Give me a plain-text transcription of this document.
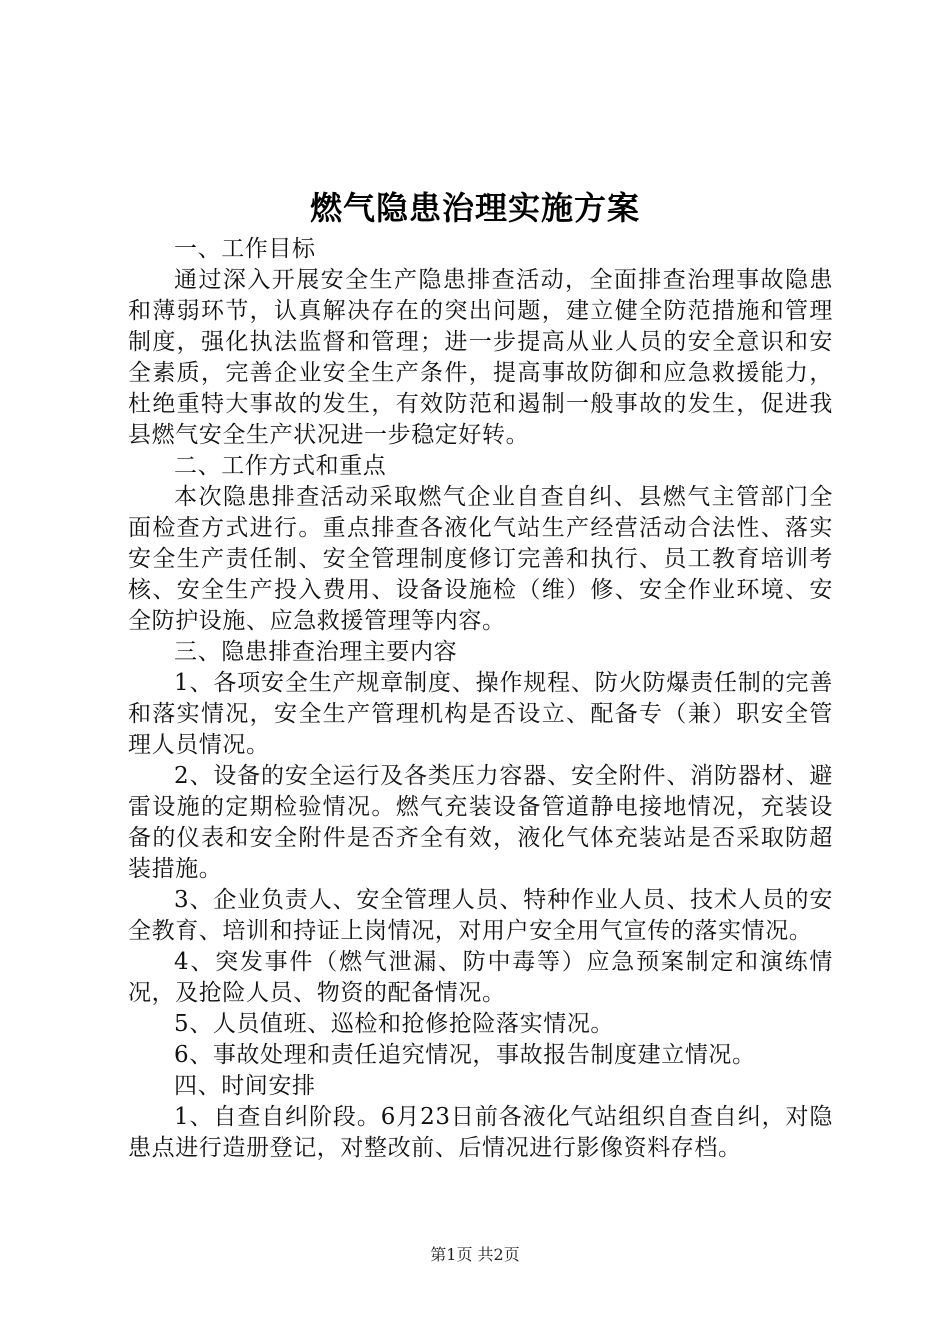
燃气隐患治理实施方案

一、工作目标

通过深入开展安全生产隐患排查活动，全面排查治理事故隐患和薄弱环节，认真解决存在的突出问题，建立健全防范措施和管理制度，强化执法监督和管理；进一步提高从业人员的安全意识和安全素质，完善企业安全生产条件，提高事故防御和应急救援能力，杜绝重特大事故的发生，有效防范和遏制一般事故的发生，促进我县燃气安全生产状况进一步稳定好转。

二、工作方式和重点

本次隐患排查活动采取燃气企业自查自纠、县燃气主管部门全面检查方式进行。重点排查各液化气站生产经营活动合法性、落实安全生产责任制、安全管理制度修订完善和执行、员工教育培训考核、安全生产投入费用、设备设施检（维）修、安全作业环境、安全防护设施、应急救援管理等内容。

三、隐患排查治理主要内容

1、各项安全生产规章制度、操作规程、防火防爆责任制的完善和落实情况，安全生产管理机构是否设立、配备专（兼）职安全管理人员情况。

2、设备的安全运行及各类压力容器、安全附件、消防器材、避雷设施的定期检验情况。燃气充装设备管道静电接地情况，充装设备的仪表和安全附件是否齐全有效，液化气体充装站是否采取防超装措施。

3、企业负责人、安全管理人员、特种作业人员、技术人员的安全教育、培训和持证上岗情况，对用户安全用气宣传的落实情况。

4、突发事件（燃气泄漏、防中毒等）应急预案制定和演练情况，及抢险人员、物资的配备情况。

5、人员值班、巡检和抢修抢险落实情况。

6、事故处理和责任追究情况，事故报告制度建立情况。

四、时间安排

1、自查自纠阶段。6月23日前各液化气站组织自查自纠，对隐患点进行造册登记，对整改前、后情况进行影像资料存档。

第1页 共2页
